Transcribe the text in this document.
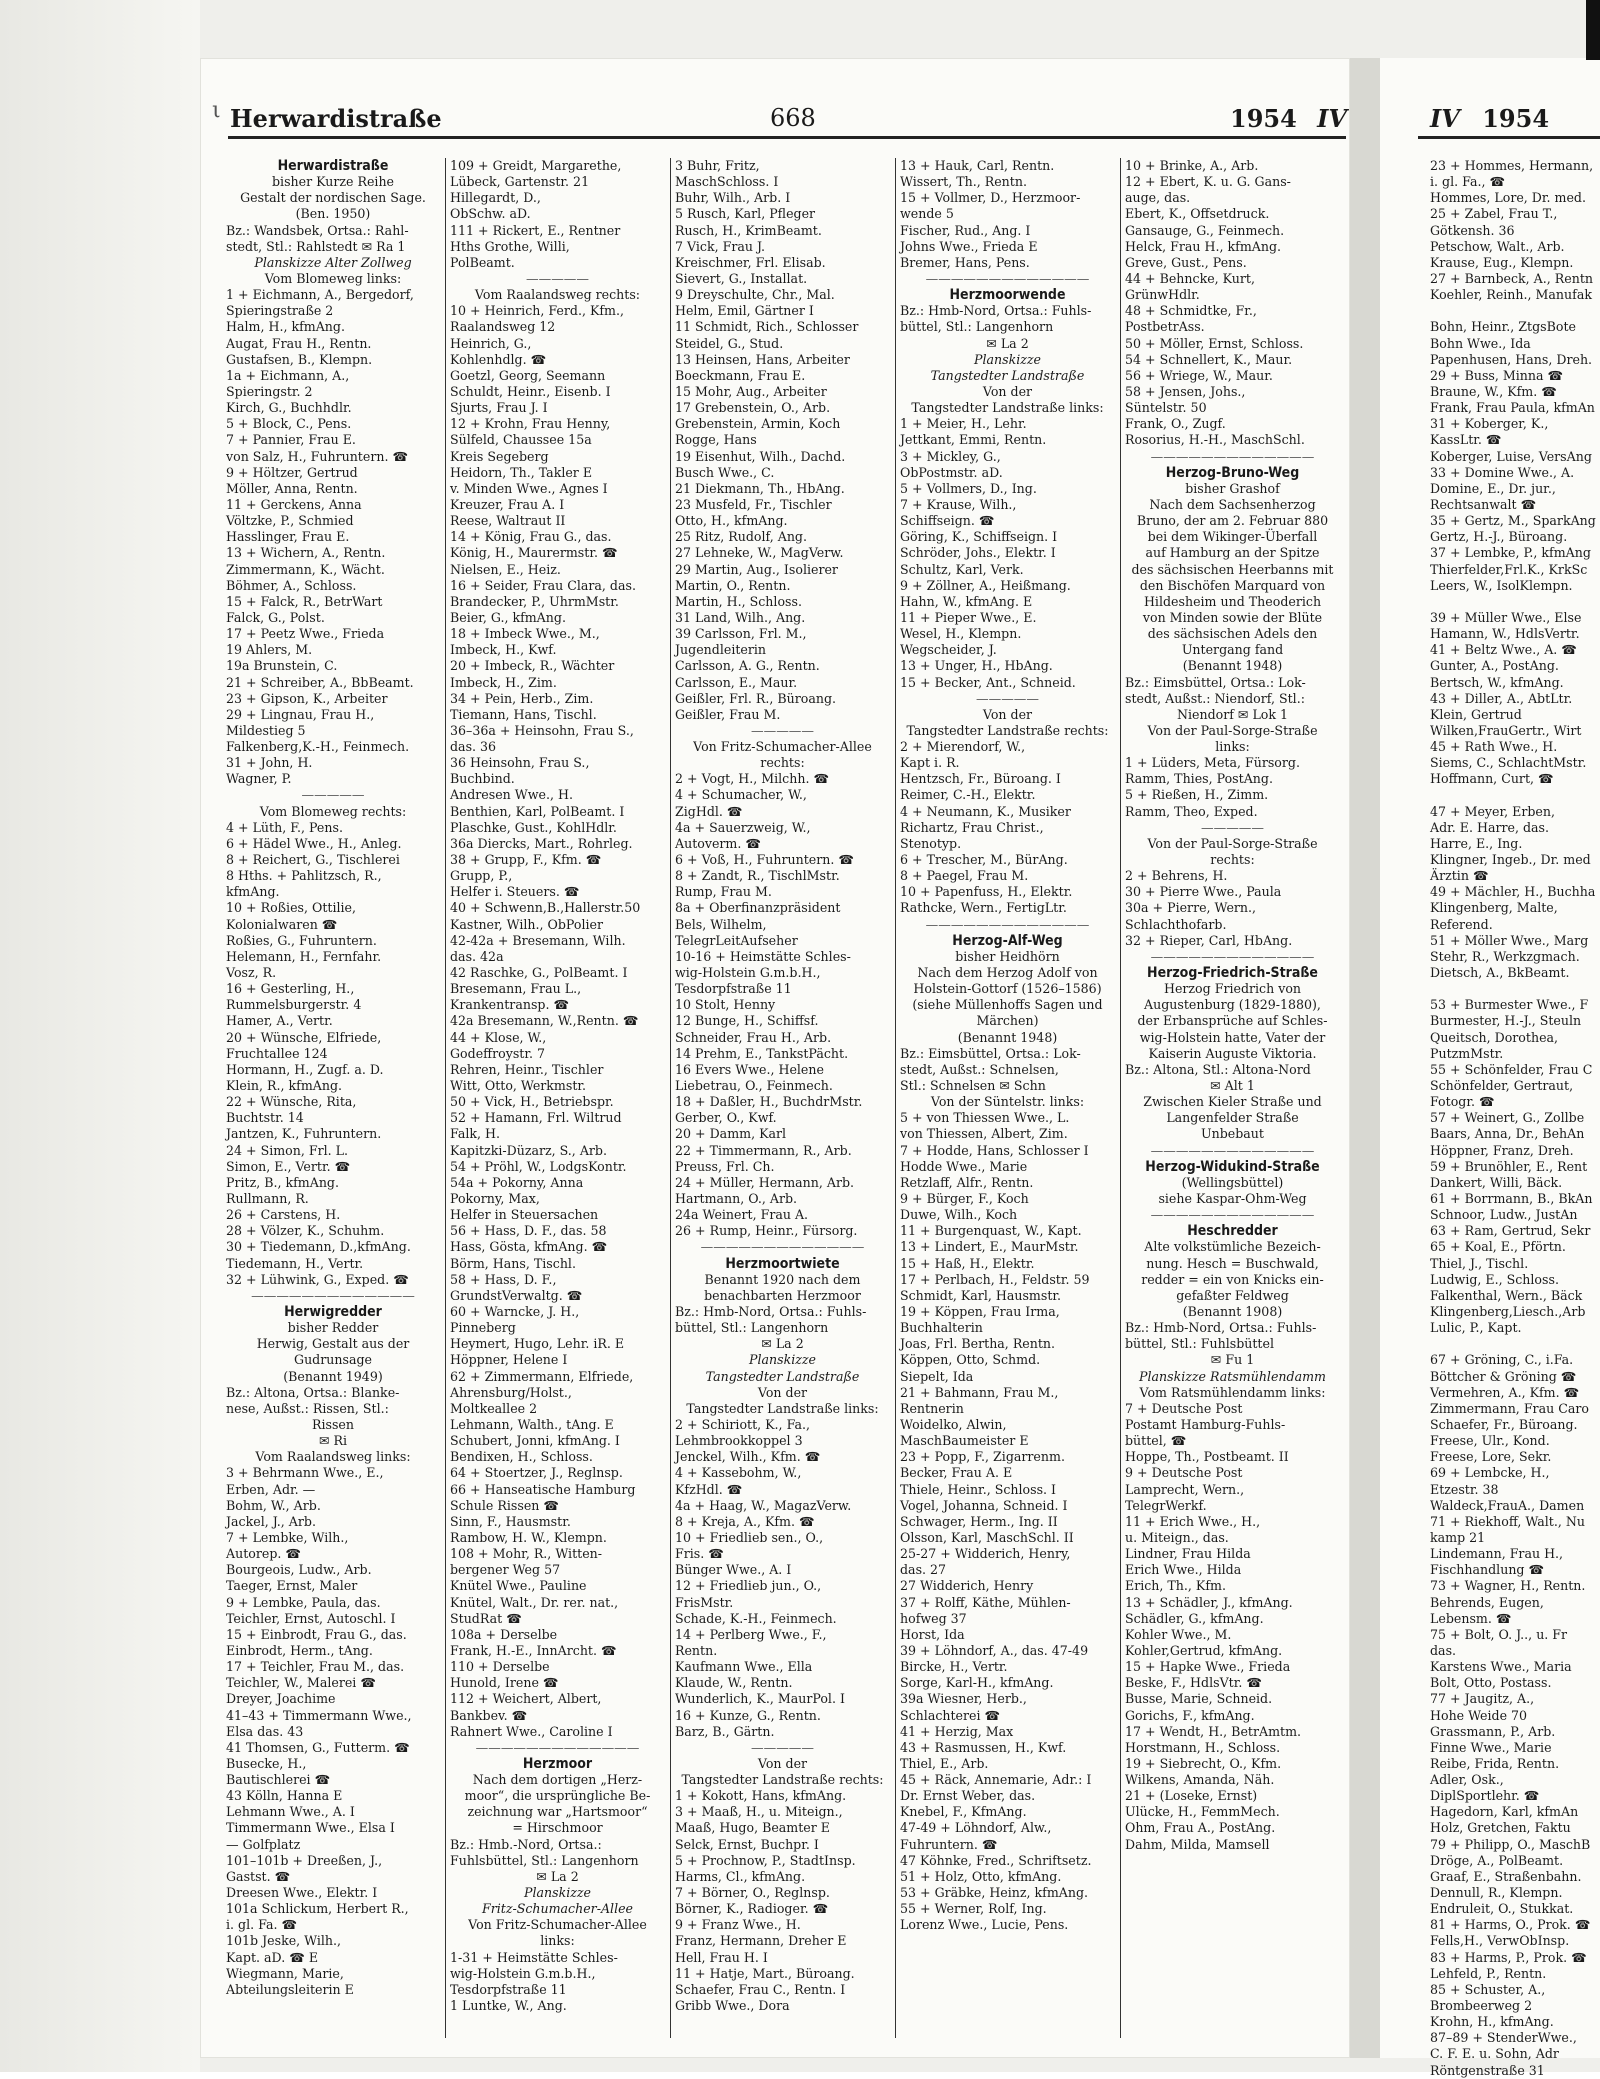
ι Herwardistraße	668	1954 IV	IV 1954
Herwardistraße
bisher Kurze Reihe
Gestalt der nordischen Sage.
(Ben. 1950)
Bz.: Wandsbek, Ortsa.: Rahl-
stedt, Stl.: Rahlstedt ✉ Ra 1
Planskizze Alter Zollweg
Vom Blomeweg links:
1 + Eichmann, A., Bergedorf,
Spieringstraße 2
Halm, H., kfmAng.
Augat, Frau H., Rentn.
Gustafsen, B., Klempn.
1a + Eichmann, A.,
Spieringstr. 2
Kirch, G., Buchhdlr.
5 + Block, C., Pens.
7 + Pannier, Frau E.
von Salz, H., Fuhruntern. ☎
9 + Höltzer, Gertrud
Möller, Anna, Rentn.
11 + Gerckens, Anna
Völtzke, P., Schmied
Hasslinger, Frau E.
13 + Wichern, A., Rentn.
Zimmermann, K., Wächt.
Böhmer, A., Schloss.
15 + Falck, R., BetrWart
Falck, G., Polst.
17 + Peetz Wwe., Frieda
19 Ahlers, M.
19a Brunstein, C.
21 + Schreiber, A., BbBeamt.
23 + Gipson, K., Arbeiter
29 + Lingnau, Frau H.,
Mildestieg 5
Falkenberg,K.-H., Feinmech.
31 + John, H.
Wagner, P.
—————
Vom Blomeweg rechts:
4 + Lüth, F., Pens.
6 + Hädel Wwe., H., Anleg.
8 + Reichert, G., Tischlerei
8 Hths. + Pahlitzsch, R.,
kfmAng.
10 + Roßies, Ottilie,
Kolonialwaren ☎
Roßies, G., Fuhruntern.
Helemann, H., Fernfahr.
Vosz, R.
16 + Gesterling, H.,
Rummelsburgerstr. 4
Hamer, A., Vertr.
20 + Wünsche, Elfriede,
Fruchtallee 124
Hormann, H., Zugf. a. D.
Klein, R., kfmAng.
22 + Wünsche, Rita,
Buchtstr. 14
Jantzen, K., Fuhruntern.
24 + Simon, Frl. L.
Simon, E., Vertr. ☎
Pritz, B., kfmAng.
Rullmann, R.
26 + Carstens, H.
28 + Völzer, K., Schuhm.
30 + Tiedemann, D.,kfmAng.
Tiedemann, H., Vertr.
32 + Lühwink, G., Exped. ☎
—————————————
Herwigredder
bisher Redder
Herwig, Gestalt aus der
Gudrunsage
(Benannt 1949)
Bz.: Altona, Ortsa.: Blanke-
nese, Außst.: Rissen, Stl.:
Rissen
✉ Ri
Vom Raalandsweg links:
3 + Behrmann Wwe., E.,
Erben, Adr. —
Bohm, W., Arb.
Jackel, J., Arb.
7 + Lembke, Wilh.,
Autorep. ☎
Bourgeois, Ludw., Arb.
Taeger, Ernst, Maler
9 + Lembke, Paula, das.
Teichler, Ernst, Autoschl. I
15 + Einbrodt, Frau G., das.
Einbrodt, Herm., tAng.
17 + Teichler, Frau M., das.
Teichler, W., Malerei ☎
Dreyer, Joachime
41–43 + Timmermann Wwe.,
Elsa das. 43
41 Thomsen, G., Futterm. ☎
Busecke, H.,
Bautischlerei ☎
43 Kölln, Hanna E
Lehmann Wwe., A. I
Timmermann Wwe., Elsa I
— Golfplatz
101–101b + Dreeßen, J.,
Gastst. ☎
Dreesen Wwe., Elektr. I
101a Schlickum, Herbert R.,
i. gl. Fa. ☎
101b Jeske, Wilh.,
Kapt. aD. ☎ E
Wiegmann, Marie,
Abteilungsleiterin E
109 + Greidt, Margarethe,
Lübeck, Gartenstr. 21
Hillegardt, D.,
ObSchw. aD.
111 + Rickert, E., Rentner
Hths Grothe, Willi,
PolBeamt.
—————
Vom Raalandsweg rechts:
10 + Heinrich, Ferd., Kfm.,
Raalandsweg 12
Heinrich, G.,
Kohlenhdlg. ☎
Goetzl, Georg, Seemann
Schuldt, Heinr., Eisenb. I
Sjurts, Frau J. I
12 + Krohn, Frau Henny,
Sülfeld, Chaussee 15a
Kreis Segeberg
Heidorn, Th., Takler E
v. Minden Wwe., Agnes I
Kreuzer, Frau A. I
Reese, Waltraut II
14 + König, Frau G., das.
König, H., Maurermstr. ☎
Nielsen, E., Heiz.
16 + Seider, Frau Clara, das.
Brandecker, P., UhrmMstr.
Beier, G., kfmAng.
18 + Imbeck Wwe., M.,
Imbeck, H., Kwf.
20 + Imbeck, R., Wächter
Imbeck, H., Zim.
34 + Pein, Herb., Zim.
Tiemann, Hans, Tischl.
36–36a + Heinsohn, Frau S.,
das. 36
36 Heinsohn, Frau S.,
Buchbind.
Andresen Wwe., H.
Benthien, Karl, PolBeamt. I
Plaschke, Gust., KohlHdlr.
36a Diercks, Mart., Rohrleg.
38 + Grupp, F., Kfm. ☎
Grupp, P.,
Helfer i. Steuers. ☎
40 + Schwenn,B.,Hallerstr.50
Kastner, Wilh., ObPolier
42-42a + Bresemann, Wilh.
das. 42a
42 Raschke, G., PolBeamt. I
Bresemann, Frau L.,
Krankentransp. ☎
42a Bresemann, W.,Rentn. ☎
44 + Klose, W.,
Godeffroystr. 7
Rehren, Heinr., Tischler
Witt, Otto, Werkmstr.
50 + Vick, H., Betriebspr.
52 + Hamann, Frl. Wiltrud
Falk, H.
Kapitzki-Düzarz, S., Arb.
54 + Pröhl, W., LodgsKontr.
54a + Pokorny, Anna
Pokorny, Max,
Helfer in Steuersachen
56 + Hass, D. F., das. 58
Hass, Gösta, kfmAng. ☎
Börm, Hans, Tischl.
58 + Hass, D. F.,
GrundstVerwaltg. ☎
60 + Warncke, J. H.,
Pinneberg
Heymert, Hugo, Lehr. iR. E
Höppner, Helene I
62 + Zimmermann, Elfriede,
Ahrensburg/Holst.,
Moltkeallee 2
Lehmann, Walth., tAng. E
Schubert, Jonni, kfmAng. I
Bendixen, H., Schloss.
64 + Stoertzer, J., Reglnsp.
66 + Hanseatische Hamburg
Schule Rissen ☎
Sinn, F., Hausmstr.
Rambow, H. W., Klempn.
108 + Mohr, R., Witten-
bergener Weg 57
Knütel Wwe., Pauline
Knütel, Walt., Dr. rer. nat.,
StudRat ☎
108a + Derselbe
Frank, H.-E., InnArcht. ☎
110 + Derselbe
Hunold, Irene ☎
112 + Weichert, Albert,
Bankbev. ☎
Rahnert Wwe., Caroline I
—————————————
Herzmoor
Nach dem dortigen „Herz-
moor“, die ursprüngliche Be-
zeichnung war „Hartsmoor“
= Hirschmoor
Bz.: Hmb.-Nord, Ortsa.:
Fuhlsbüttel, Stl.: Langenhorn
✉ La 2
Planskizze
Fritz-Schumacher-Allee
Von Fritz-Schumacher-Allee
links:
1-31 + Heimstätte Schles-
wig-Holstein G.m.b.H.,
Tesdorpfstraße 11
1 Luntke, W., Ang.
3 Buhr, Fritz,
MaschSchloss. I
Buhr, Wilh., Arb. I
5 Rusch, Karl, Pfleger
Rusch, H., KrimBeamt.
7 Vick, Frau J.
Kreischmer, Frl. Elisab.
Sievert, G., Installat.
9 Dreyschulte, Chr., Mal.
Helm, Emil, Gärtner I
11 Schmidt, Rich., Schlosser
Steidel, G., Stud.
13 Heinsen, Hans, Arbeiter
Boeckmann, Frau E.
15 Mohr, Aug., Arbeiter
17 Grebenstein, O., Arb.
Grebenstein, Armin, Koch
Rogge, Hans
19 Eisenhut, Wilh., Dachd.
Busch Wwe., C.
21 Diekmann, Th., HbAng.
23 Musfeld, Fr., Tischler
Otto, H., kfmAng.
25 Ritz, Rudolf, Ang.
27 Lehneke, W., MagVerw.
29 Martin, Aug., Isolierer
Martin, O., Rentn.
Martin, H., Schloss.
31 Land, Wilh., Ang.
39 Carlsson, Frl. M.,
Jugendleiterin
Carlsson, A. G., Rentn.
Carlsson, E., Maur.
Geißler, Frl. R., Büroang.
Geißler, Frau M.
—————
Von Fritz-Schumacher-Allee
rechts:
2 + Vogt, H., Milchh. ☎
4 + Schumacher, W.,
ZigHdl. ☎
4a + Sauerzweig, W.,
Autoverm. ☎
6 + Voß, H., Fuhruntern. ☎
8 + Zandt, R., TischlMstr.
Rump, Frau M.
8a + Oberfinanzpräsident
Bels, Wilhelm,
TelegrLeitAufseher
10-16 + Heimstätte Schles-
wig-Holstein G.m.b.H.,
Tesdorpfstraße 11
10 Stolt, Henny
12 Bunge, H., Schiffsf.
Schneider, Frau H., Arb.
14 Prehm, E., TankstPächt.
16 Evers Wwe., Helene
Liebetrau, O., Feinmech.
18 + Daßler, H., BuchdrMstr.
Gerber, O., Kwf.
20 + Damm, Karl
22 + Timmermann, R., Arb.
Preuss, Frl. Ch.
24 + Müller, Hermann, Arb.
Hartmann, O., Arb.
24a Weinert, Frau A.
26 + Rump, Heinr., Fürsorg.
—————————————
Herzmoortwiete
Benannt 1920 nach dem
benachbarten Herzmoor
Bz.: Hmb-Nord, Ortsa.: Fuhls-
büttel, Stl.: Langenhorn
✉ La 2
Planskizze
Tangstedter Landstraße
Von der
Tangstedter Landstraße links:
2 + Schiriott, K., Fa.,
Lehmbrookkoppel 3
Jenckel, Wilh., Kfm. ☎
4 + Kassebohm, W.,
KfzHdl. ☎
4a + Haag, W., MagazVerw.
8 + Kreja, A., Kfm. ☎
10 + Friedlieb sen., O.,
Fris. ☎
Bünger Wwe., A. I
12 + Friedlieb jun., O.,
FrisMstr.
Schade, K.-H., Feinmech.
14 + Perlberg Wwe., F.,
Rentn.
Kaufmann Wwe., Ella
Klaude, W., Rentn.
Wunderlich, K., MaurPol. I
16 + Kunze, G., Rentn.
Barz, B., Gärtn.
—————
Von der
Tangstedter Landstraße rechts:
1 + Kokott, Hans, kfmAng.
3 + Maaß, H., u. Miteign.,
Maaß, Hugo, Beamter E
Selck, Ernst, Buchpr. I
5 + Prochnow, P., StadtInsp.
Harms, Cl., kfmAng.
7 + Börner, O., Reglnsp.
Börner, K., Radioger. ☎
9 + Franz Wwe., H.
Franz, Hermann, Dreher E
Hell, Frau H. I
11 + Hatje, Mart., Büroang.
Schaefer, Frau C., Rentn. I
Gribb Wwe., Dora
13 + Hauk, Carl, Rentn.
Wissert, Th., Rentn.
15 + Vollmer, D., Herzmoor-
wende 5
Fischer, Rud., Ang. I
Johns Wwe., Frieda E
Bremer, Hans, Pens.
—————————————
Herzmoorwende
Bz.: Hmb-Nord, Ortsa.: Fuhls-
büttel, Stl.: Langenhorn
✉ La 2
Planskizze
Tangstedter Landstraße
Von der
Tangstedter Landstraße links:
1 + Meier, H., Lehr.
Jettkant, Emmi, Rentn.
3 + Mickley, G.,
ObPostmstr. aD.
5 + Vollmers, D., Ing.
7 + Krause, Wilh.,
Schiffseign. ☎
Göring, K., Schiffseign. I
Schröder, Johs., Elektr. I
Schultz, Karl, Verk.
9 + Zöllner, A., Heißmang.
Hahn, W., kfmAng. E
11 + Pieper Wwe., E.
Wesel, H., Klempn.
Wegscheider, J.
13 + Unger, H., HbAng.
15 + Becker, Ant., Schneid.
—————
Von der
Tangstedter Landstraße rechts:
2 + Mierendorf, W.,
Kapt i. R.
Hentzsch, Fr., Büroang. I
Reimer, C.-H., Elektr.
4 + Neumann, K., Musiker
Richartz, Frau Christ.,
Stenotyp.
6 + Trescher, M., BürAng.
8 + Paegel, Frau M.
10 + Papenfuss, H., Elektr.
Rathcke, Wern., FertigLtr.
—————————————
Herzog-Alf-Weg
bisher Heidhörn
Nach dem Herzog Adolf von
Holstein-Gottorf (1526–1586)
(siehe Müllenhoffs Sagen und
Märchen)
(Benannt 1948)
Bz.: Eimsbüttel, Ortsa.: Lok-
stedt, Außst.: Schnelsen,
Stl.: Schnelsen ✉ Schn
Von der Süntelstr. links:
5 + von Thiessen Wwe., L.
von Thiessen, Albert, Zim.
7 + Hodde, Hans, Schlosser I
Hodde Wwe., Marie
Retzlaff, Alfr., Rentn.
9 + Bürger, F., Koch
Duwe, Wilh., Koch
11 + Burgenquast, W., Kapt.
13 + Lindert, E., MaurMstr.
15 + Haß, H., Elektr.
17 + Perlbach, H., Feldstr. 59
Schmidt, Karl, Hausmstr.
19 + Köppen, Frau Irma,
Buchhalterin
Joas, Frl. Bertha, Rentn.
Köppen, Otto, Schmd.
Siepelt, Ida
21 + Bahmann, Frau M.,
Rentnerin
Woidelko, Alwin,
MaschBaumeister E
23 + Popp, F., Zigarrenm.
Becker, Frau A. E
Thiele, Heinr., Schloss. I
Vogel, Johanna, Schneid. I
Schwager, Herm., Ing. II
Olsson, Karl, MaschSchl. II
25-27 + Widderich, Henry,
das. 27
27 Widderich, Henry
37 + Rolff, Käthe, Mühlen-
hofweg 37
Horst, Ida
39 + Löhndorf, A., das. 47-49
Bircke, H., Vertr.
Sorge, Karl-H., kfmAng.
39a Wiesner, Herb.,
Schlachterei ☎
41 + Herzig, Max
43 + Rasmussen, H., Kwf.
Thiel, E., Arb.
45 + Räck, Annemarie, Adr.: I
Dr. Ernst Weber, das.
Knebel, F., KfmAng.
47-49 + Löhndorf, Alw.,
Fuhruntern. ☎
47 Köhnke, Fred., Schriftsetz.
51 + Holz, Otto, kfmAng.
53 + Gräbke, Heinz, kfmAng.
55 + Werner, Rolf, Ing.
Lorenz Wwe., Lucie, Pens.
10 + Brinke, A., Arb.
12 + Ebert, K. u. G. Gans-
auge, das.
Ebert, K., Offsetdruck.
Gansauge, G., Feinmech.
Helck, Frau H., kfmAng.
Greve, Gust., Pens.
44 + Behncke, Kurt,
GrünwHdlr.
48 + Schmidtke, Fr.,
PostbetrAss.
50 + Möller, Ernst, Schloss.
54 + Schnellert, K., Maur.
56 + Wriege, W., Maur.
58 + Jensen, Johs.,
Süntelstr. 50
Frank, O., Zugf.
Rosorius, H.-H., MaschSchl.
—————————————
Herzog-Bruno-Weg
bisher Grashof
Nach dem Sachsenherzog
Bruno, der am 2. Februar 880
bei dem Wikinger-Überfall
auf Hamburg an der Spitze
des sächsischen Heerbanns mit
den Bischöfen Marquard von
Hildesheim und Theoderich
von Minden sowie der Blüte
des sächsischen Adels den
Untergang fand
(Benannt 1948)
Bz.: Eimsbüttel, Ortsa.: Lok-
stedt, Außst.: Niendorf, Stl.:
Niendorf ✉ Lok 1
Von der Paul-Sorge-Straße
links:
1 + Lüders, Meta, Fürsorg.
Ramm, Thies, PostAng.
5 + Rießen, H., Zimm.
Ramm, Theo, Exped.
—————
Von der Paul-Sorge-Straße
rechts:
2 + Behrens, H.
30 + Pierre Wwe., Paula
30a + Pierre, Wern.,
Schlachthofarb.
32 + Rieper, Carl, HbAng.
—————————————
Herzog-Friedrich-Straße
Herzog Friedrich von
Augustenburg (1829-1880),
der Erbansprüche auf Schles-
wig-Holstein hatte, Vater der
Kaiserin Auguste Viktoria.
Bz.: Altona, Stl.: Altona-Nord
✉ Alt 1
Zwischen Kieler Straße und
Langenfelder Straße
Unbebaut
—————————————
Herzog-Widukind-Straße
(Wellingsbüttel)
siehe Kaspar-Ohm-Weg
—————————————
Heschredder
Alte volkstümliche Bezeich-
nung. Hesch = Buschwald,
redder = ein von Knicks ein-
gefaßter Feldweg
(Benannt 1908)
Bz.: Hmb-Nord, Ortsa.: Fuhls-
büttel, Stl.: Fuhlsbüttel
✉ Fu 1
Planskizze Ratsmühlendamm
Vom Ratsmühlendamm links:
7 + Deutsche Post
Postamt Hamburg-Fuhls-
büttel, ☎
Hoppe, Th., Postbeamt. II
9 + Deutsche Post
Lamprecht, Wern.,
TelegrWerkf.
11 + Erich Wwe., H.,
u. Miteign., das.
Lindner, Frau Hilda
Erich Wwe., Hilda
Erich, Th., Kfm.
13 + Schädler, J., kfmAng.
Schädler, G., kfmAng.
Kohler Wwe., M.
Kohler,Gertrud, kfmAng.
15 + Hapke Wwe., Frieda
Beske, F., HdlsVtr. ☎
Busse, Marie, Schneid.
Gorichs, F., kfmAng.
17 + Wendt, H., BetrAmtm.
Horstmann, H., Schloss.
19 + Siebrecht, O., Kfm.
Wilkens, Amanda, Näh.
21 + (Loseke, Ernst)
Ulücke, H., FemmMech.
Ohm, Frau A., PostAng.
Dahm, Milda, Mamsell
23 + Hommes, Hermann,
i. gl. Fa., ☎
Hommes, Lore, Dr. med.
25 + Zabel, Frau T.,
Götkensh. 36
Petschow, Walt., Arb.
Krause, Eug., Klempn.
27 + Barnbeck, A., Rentn
Koehler, Reinh., Manufak
Bohn, Heinr., ZtgsBote
Bohn Wwe., Ida
Papenhusen, Hans, Dreh.
29 + Buss, Minna ☎
Braune, W., Kfm. ☎
Frank, Frau Paula, kfmAn
31 + Koberger, K.,
KassLtr. ☎
Koberger, Luise, VersAng
33 + Domine Wwe., A.
Domine, E., Dr. jur.,
Rechtsanwalt ☎
35 + Gertz, M., SparkAng
Gertz, H.-J., Büroang.
37 + Lembke, P., kfmAng
Thierfelder,Frl.K., KrkSc
Leers, W., IsolKlempn.
39 + Müller Wwe., Else
Hamann, W., HdlsVertr.
41 + Beltz Wwe., A. ☎
Gunter, A., PostAng.
Bertsch, W., kfmAng.
43 + Diller, A., AbtLtr.
Klein, Gertrud
Wilken,FrauGertr., Wirt
45 + Rath Wwe., H.
Siems, C., SchlachtMstr.
Hoffmann, Curt, ☎
47 + Meyer, Erben,
Adr. E. Harre, das.
Harre, E., Ing.
Klingner, Ingeb., Dr. med
Ärztin ☎
49 + Mächler, H., Buchha
Klingenberg, Malte,
Referend.
51 + Möller Wwe., Marg
Stehr, R., Werkzgmach.
Dietsch, A., BkBeamt.
53 + Burmester Wwe., F
Burmester, H.-J., Steuln
Queitsch, Dorothea,
PutzmMstr.
55 + Schönfelder, Frau C
Schönfelder, Gertraut,
Fotogr. ☎
57 + Weinert, G., Zollbe
Baars, Anna, Dr., BehAn
Höppner, Franz, Dreh.
59 + Brunöhler, E., Rent
Dankert, Willi, Bäck.
61 + Borrmann, B., BkAn
Schnoor, Ludw., JustAn
63 + Ram, Gertrud, Sekr
65 + Koal, E., Pförtn.
Thiel, J., Tischl.
Ludwig, E., Schloss.
Falkenthal, Wern., Bäck
Klingenberg,Liesch.,Arb
Lulic, P., Kapt.
67 + Gröning, C., i.Fa.
Böttcher & Gröning ☎
Vermehren, A., Kfm. ☎
Zimmermann, Frau Caro
Schaefer, Fr., Büroang.
Freese, Ulr., Kond.
Freese, Lore, Sekr.
69 + Lembcke, H.,
Etzestr. 38
Waldeck,FrauA., Damen
71 + Riekhoff, Walt., Nu
kamp 21
Lindemann, Frau H.,
Fischhandlung ☎
73 + Wagner, H., Rentn.
Behrends, Eugen,
Lebensm. ☎
75 + Bolt, O. J.., u. Fr
das.
Karstens Wwe., Maria
Bolt, Otto, Postass.
77 + Jaugitz, A.,
Hohe Weide 70
Grassmann, P., Arb.
Finne Wwe., Marie
Reibe, Frida, Rentn.
Adler, Osk.,
DiplSportlehr. ☎
Hagedorn, Karl, kfmAn
Holz, Gretchen, Faktu
79 + Philipp, O., MaschB
Dröge, A., PolBeamt.
Graaf, E., Straßenbahn.
Dennull, R., Klempn.
Endruleit, O., Stukkat.
81 + Harms, O., Prok. ☎
Fells,H., VerwObInsp.
83 + Harms, P., Prok. ☎
Lehfeld, P., Rentn.
85 + Schuster, A.,
Brombeerweg 2
Krohn, H., kfmAng.
87–89 + StenderWwe.,
C. F. E. u. Sohn, Adr
Röntgenstraße 31
